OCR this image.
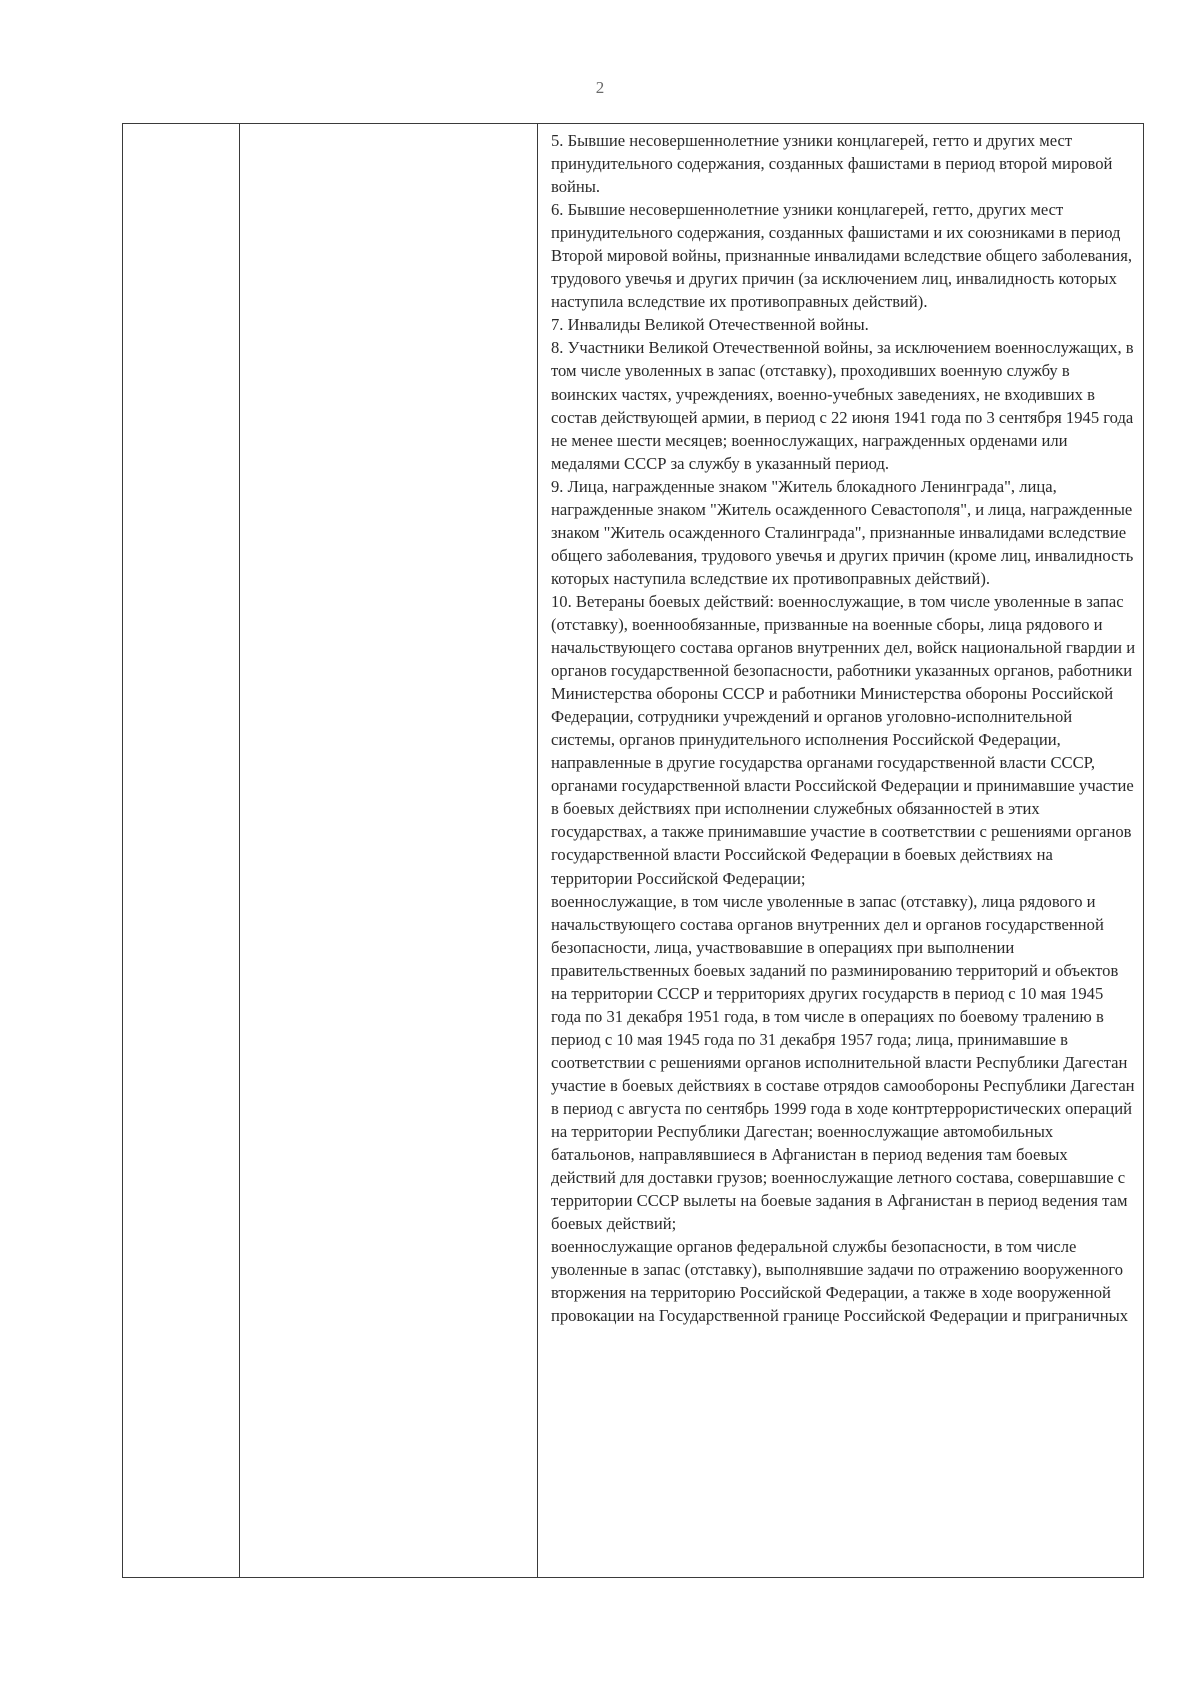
2

5. Бывшие несовершеннолетние узники концлагерей, гетто и других мест принудительного содержания, созданных фашистами в период второй мировой войны.

6. Бывшие несовершеннолетние узники концлагерей, гетто, других мест принудительного содержания, созданных фашистами и их союзниками в период Второй мировой войны, признанные инвалидами вследствие общего заболевания, трудового увечья и других причин (за исключением лиц, инвалидность которых наступила вследствие их противоправных действий).

7. Инвалиды Великой Отечественной войны.

8. Участники Великой Отечественной войны, за исключением военнослужащих, в том числе уволенных в запас (отставку), проходивших военную службу в воинских частях, учреждениях, военно-учебных заведениях, не входивших в состав действующей армии, в период с 22 июня 1941 года по 3 сентября 1945 года не менее шести месяцев; военнослужащих, награжденных орденами или медалями СССР за службу в указанный период.

9. Лица, награжденные знаком "Житель блокадного Ленинграда", лица, награжденные знаком "Житель осажденного Севастополя", и лица, награжденные знаком "Житель осажденного Сталинграда", признанные инвалидами вследствие общего заболевания, трудового увечья и других причин (кроме лиц, инвалидность которых наступила вследствие их противоправных действий).

10. Ветераны боевых действий: военнослужащие, в том числе уволенные в запас (отставку), военнообязанные, призванные на военные сборы, лица рядового и начальствующего состава органов внутренних дел, войск национальной гвардии и органов государственной безопасности, работники указанных органов, работники Министерства обороны СССР и работники Министерства обороны Российской Федерации, сотрудники учреждений и органов уголовно-исполнительной системы, органов принудительного исполнения Российской Федерации, направленные в другие государства органами государственной власти СССР, органами государственной власти Российской Федерации и принимавшие участие в боевых действиях при исполнении служебных обязанностей в этих государствах, а также принимавшие участие в соответствии с решениями органов государственной власти Российской Федерации в боевых действиях на территории Российской Федерации;

военнослужащие, в том числе уволенные в запас (отставку), лица рядового и начальствующего состава органов внутренних дел и органов государственной безопасности, лица, участвовавшие в операциях при выполнении правительственных боевых заданий по разминированию территорий и объектов на территории СССР и территориях других государств в период с 10 мая 1945 года по 31 декабря 1951 года, в том числе в операциях по боевому тралению в период с 10 мая 1945 года по 31 декабря 1957 года; лица, принимавшие в соответствии с решениями органов исполнительной власти Республики Дагестан участие в боевых действиях в составе отрядов самообороны Республики Дагестан в период с августа по сентябрь 1999 года в ходе контртеррористических операций на территории Республики Дагестан; военнослужащие автомобильных батальонов, направлявшиеся в Афганистан в период ведения там боевых действий для доставки грузов; военнослужащие летного состава, совершавшие с территории СССР вылеты на боевые задания в Афганистан в период ведения там боевых действий;

военнослужащие органов федеральной службы безопасности, в том числе уволенные в запас (отставку), выполнявшие задачи по отражению вооруженного вторжения на территорию Российской Федерации, а также в ходе вооруженной провокации на Государственной границе Российской Федерации и приграничных
